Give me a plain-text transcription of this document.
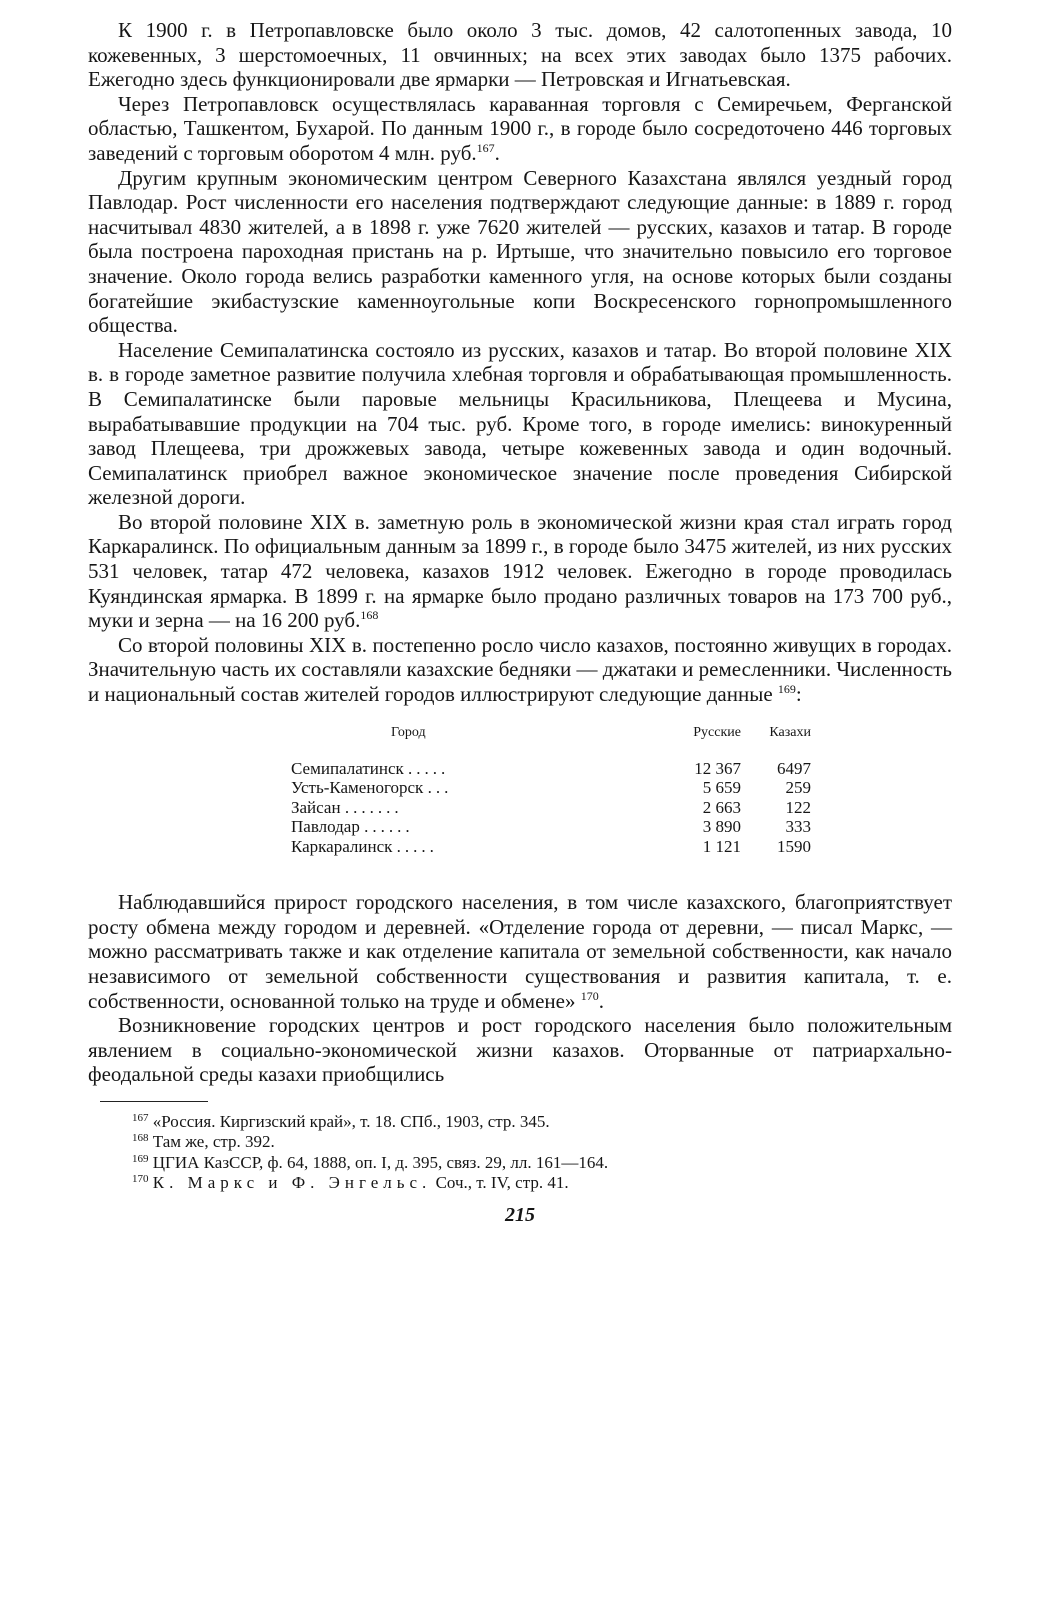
К 1900 г. в Петропавловске было около 3 тыс. домов, 42 салотопенных завода, 10 кожевенных, 3 шерстомоечных, 11 овчинных; на всех этих заводах было 1375 рабочих. Ежегодно здесь функционировали две ярмарки — Петровская и Игнатьевская.

Через Петропавловск осуществлялась караванная торговля с Семиречьем, Ферганской областью, Ташкентом, Бухарой. По данным 1900 г., в городе было сосредоточено 446 торговых заведений с торговым оборотом 4 млн. руб.$^{167}$.

Другим крупным экономическим центром Северного Казахстана являлся уездный город Павлодар. Рост численности его населения подтверждают следующие данные: в 1889 г. город насчитывал 4830 жителей, а в 1898 г. уже 7620 жителей — русских, казахов и татар. В городе была построена пароходная пристань на р. Иртыше, что значительно повысило его торговое значение. Около города велись разработки каменного угля, на основе которых были созданы богатейшие экибастузские каменноугольные копи Воскресенского горнопромышленного общества.

Население Семипалатинска состояло из русских, казахов и татар. Во второй половине XIX в. в городе заметное развитие получила хлебная торговля и обрабатывающая промышленность. В Семипалатинске были паровые мельницы Красильникова, Плещеева и Мусина, вырабатывавшие продукции на 704 тыс. руб. Кроме того, в городе имелись: винокуренный завод Плещеева, три дрожжевых завода, четыре кожевенных завода и один водочный. Семипалатинск приобрел важное экономическое значение после проведения Сибирской железной дороги.

Во второй половине XIX в. заметную роль в экономической жизни края стал играть город Каркаралинск. По официальным данным за 1899 г., в городе было 3475 жителей, из них русских 531 человек, татар 472 человека, казахов 1912 человек. Ежегодно в городе проводилась Куяндинская ярмарка. В 1899 г. на ярмарке было продано различных товаров на 173 700 руб., муки и зерна — на 16 200 руб.$^{168}$

Со второй половины XIX в. постепенно росло число казахов, постоянно живущих в городах. Значительную часть их составляли казахские бедняки — джатаки и ремесленники. Численность и национальный состав жителей городов иллюстрируют следующие данные $^{169}$:

Город	Русские	Казахи
Семипалатинск .....	12 367	6497
Усть-Каменогорск ...	5 659	259
Зайсан .......	2 663	122
Павлодар ......	3 890	333
Каркаралинск .....	1 121	1590

Наблюдавшийся прирост городского населения, в том числе казахского, благоприятствует росту обмена между городом и деревней. «Отделение города от деревни, — писал Маркс, — можно рассматривать также и как отделение капитала от земельной собственности, как начало независимого от земельной собственности существования и развития капитала, т. е. собственности, основанной только на труде и обмене» $^{170}$.

Возникновение городских центров и рост городского населения было положительным явлением в социально-экономической жизни казахов. Оторванные от патриархально-феодальной среды казахи приобщились

$^{167}$ «Россия. Киргизский край», т. 18. СПб., 1903, стр. 345.

$^{168}$ Там же, стр. 392.

$^{169}$ ЦГИА КазССР, ф. 64, 1888, оп. I, д. 395, связ. 29, лл. 161—164.

$^{170}$ К. Маркс и Ф. Энгельс. Соч., т. IV, стр. 41.

215
